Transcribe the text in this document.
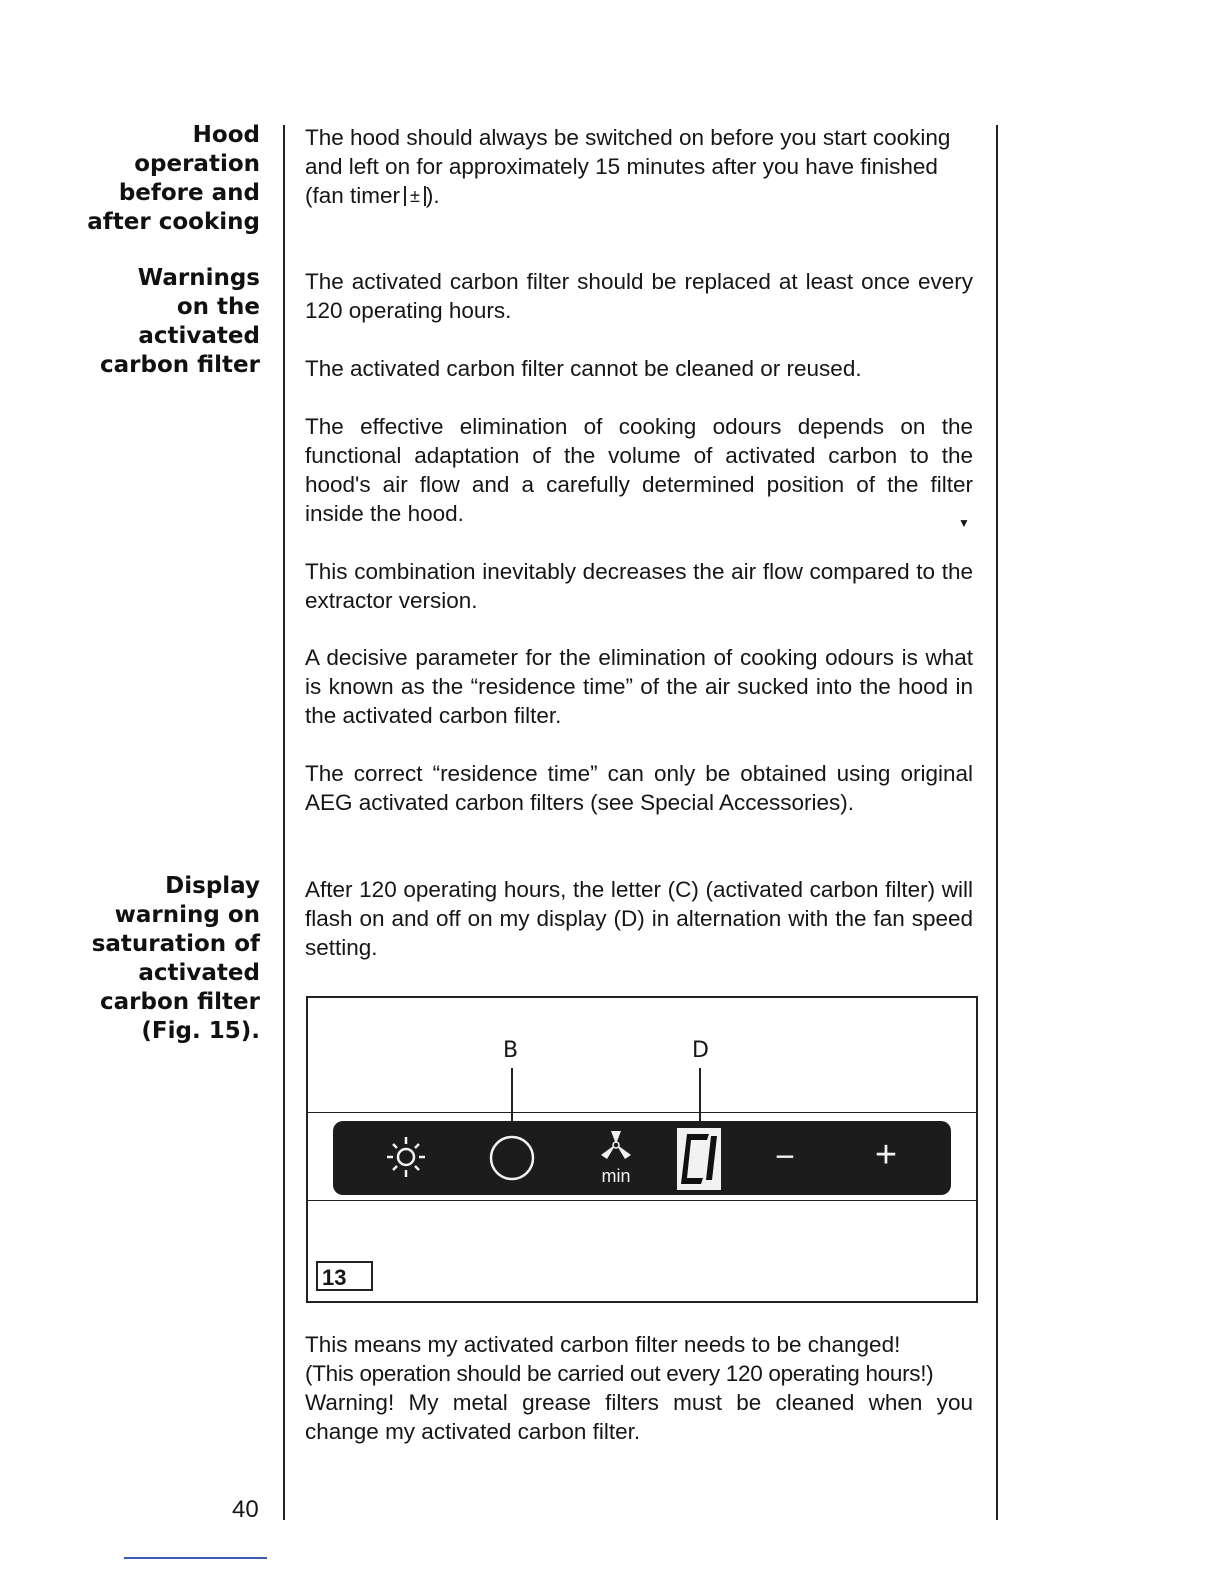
Hood
operation
before and
after cooking
Warnings
on the
activated
carbon filter
Display
warning on
saturation of
activated
carbon filter
(Fig. 15).

The hood should always be switched on before you start cooking and left on for approximately 15 minutes after you have finished (fan timer ± ).

The activated carbon filter should be replaced at least once every 120 operating hours.

The activated carbon filter cannot be cleaned or reused.

The effective elimination of cooking odours depends on the functional adaptation of the volume of activated carbon to the hood's air flow and a carefully determined position of the filter inside the hood.	▼

This combination inevitably decreases the air flow compared to the extractor version.

A decisive parameter for the elimination of cooking odours is what is known as the “residence time” of the air sucked into the hood in the activated carbon filter.

The correct “residence time” can only be obtained using original AEG activated carbon filters (see Special Accessories).

After 120 operating hours, the letter (C) (activated carbon filter) will flash on and off on my display (D) in alternation with the fan speed setting.

B	D
min	− +
13
This means my activated carbon filter needs to be changed!
(This operation should be carried out every 120 operating hours!)
Warning! My metal grease filters must be cleaned when you change my activated carbon filter.
40
